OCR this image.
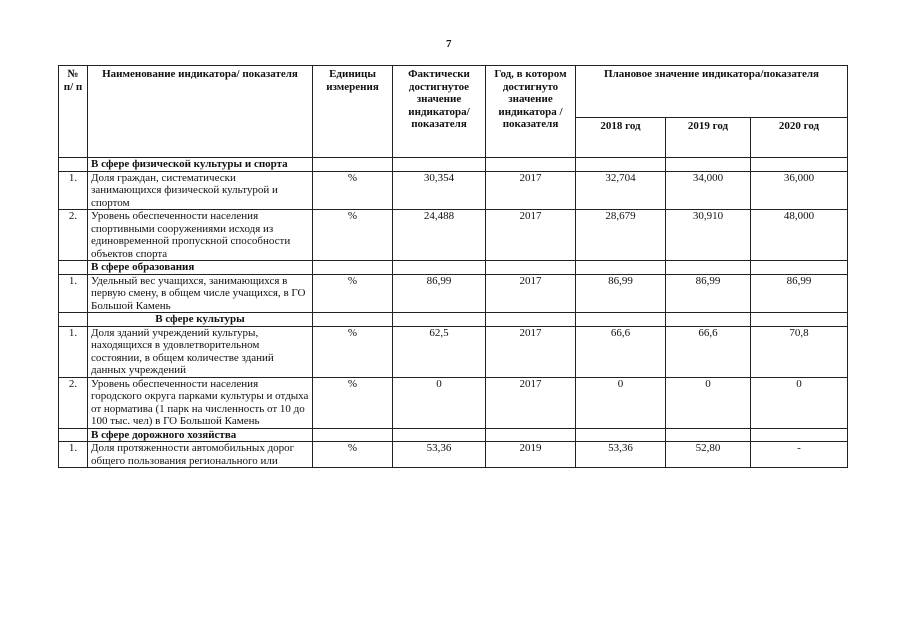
7
№ п/ п	Наименование индикатора/ показателя	Единицы измерения	Фактически достигнутое значение индикатора/ показателя	Год, в котором достигнуто значение индикатора /показателя	Плановое значение индикатора/показателя		
					2018 год	2019 год	2020 год
	В сфере физической культуры и спорта						
1.	Доля граждан, систематически занимающихся физической культурой и спортом	%	30,354	2017	32,704	34,000	36,000
2.	Уровень обеспеченности населения спортивными сооружениями исходя из единовременной пропускной способности объектов спорта	%	24,488	2017	28,679	30,910	48,000
	В сфере образования						
1.	Удельный вес учащихся, занимающихся в первую смену, в общем числе учащихся, в ГО Большой Камень	%	86,99	2017	86,99	86,99	86,99
	В сфере культуры						
1.	Доля зданий учреждений культуры, находящихся в удовлетворительном состоянии, в общем количестве зданий данных учреждений	%	62,5	2017	66,6	66,6	70,8
2.	Уровень обеспеченности населения городского округа парками культуры и отдыха от норматива (1 парк на численность от 10 до 100 тыс. чел) в ГО Большой Камень	%	0	2017	0	0	0
	В сфере дорожного хозяйства						
1.	Доля протяженности автомобильных дорог общего пользования регионального или	%	53,36	2019	53,36	52,80	-
